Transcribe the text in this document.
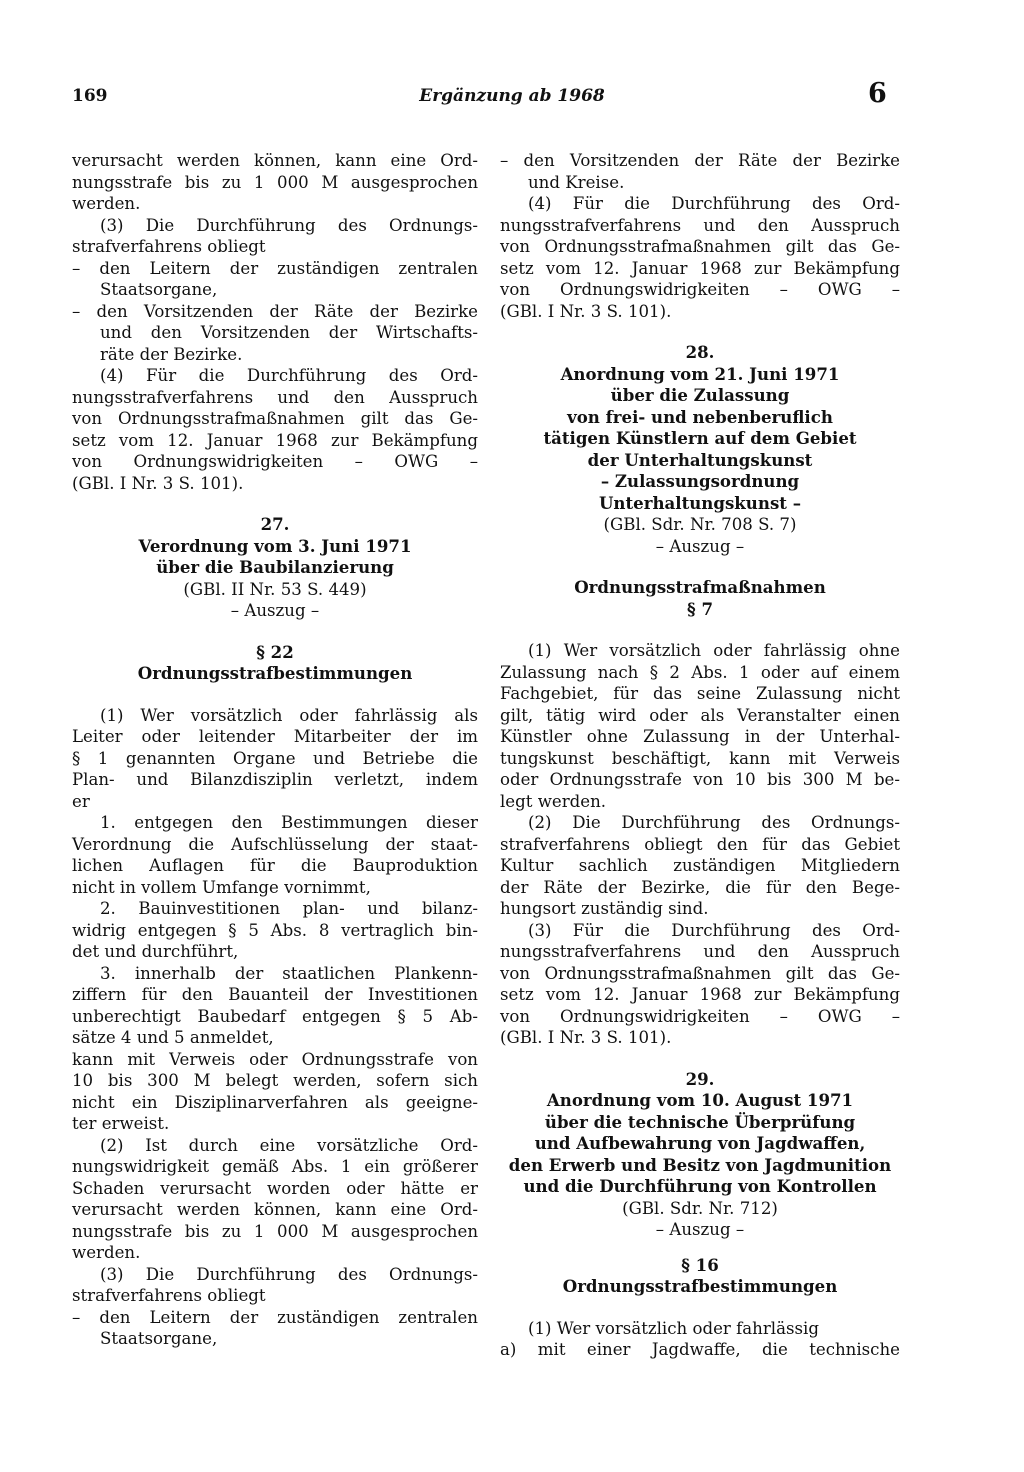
169	Ergänzung ab 1968	6
verursacht werden können, kann eine Ord-
nungsstrafe bis zu 1 000 M ausgesprochen
werden.
(3) Die Durchführung des Ordnungs-
strafverfahrens obliegt
– den Leitern der zuständigen zentralen
Staatsorgane,
– den Vorsitzenden der Räte der Bezirke
und den Vorsitzenden der Wirtschafts-
räte der Bezirke.
(4) Für die Durchführung des Ord-
nungsstrafverfahrens und den Ausspruch
von Ordnungsstrafmaßnahmen gilt das Ge-
setz vom 12. Januar 1968 zur Bekämpfung
von Ordnungswidrigkeiten – OWG –
(GBl. I Nr. 3 S. 101).
27.
Verordnung vom 3. Juni 1971
über die Baubilanzierung
(GBl. II Nr. 53 S. 449)
– Auszug –
§ 22
Ordnungsstrafbestimmungen
(1) Wer vorsätzlich oder fahrlässig als
Leiter oder leitender Mitarbeiter der im
§ 1 genannten Organe und Betriebe die
Plan- und Bilanzdisziplin verletzt, indem
er
1. entgegen den Bestimmungen dieser
Verordnung die Aufschlüsselung der staat-
lichen Auflagen für die Bauproduktion
nicht in vollem Umfange vornimmt,
2. Bauinvestitionen plan- und bilanz-
widrig entgegen § 5 Abs. 8 vertraglich bin-
det und durchführt,
3. innerhalb der staatlichen Plankenn-
ziffern für den Bauanteil der Investitionen
unberechtigt Baubedarf entgegen § 5 Ab-
sätze 4 und 5 anmeldet,
kann mit Verweis oder Ordnungsstrafe von
10 bis 300 M belegt werden, sofern sich
nicht ein Disziplinarverfahren als geeigne-
ter erweist.
(2) Ist durch eine vorsätzliche Ord-
nungswidrigkeit gemäß Abs. 1 ein größerer
Schaden verursacht worden oder hätte er
verursacht werden können, kann eine Ord-
nungsstrafe bis zu 1 000 M ausgesprochen
werden.
(3) Die Durchführung des Ordnungs-
strafverfahrens obliegt
– den Leitern der zuständigen zentralen
Staatsorgane,
– den Vorsitzenden der Räte der Bezirke
und Kreise.
(4) Für die Durchführung des Ord-
nungsstrafverfahrens und den Ausspruch
von Ordnungsstrafmaßnahmen gilt das Ge-
setz vom 12. Januar 1968 zur Bekämpfung
von Ordnungswidrigkeiten – OWG –
(GBl. I Nr. 3 S. 101).
28.
Anordnung vom 21. Juni 1971
über die Zulassung
von frei- und nebenberuflich
tätigen Künstlern auf dem Gebiet
der Unterhaltungskunst
– Zulassungsordnung
Unterhaltungskunst –
(GBl. Sdr. Nr. 708 S. 7)
– Auszug –
Ordnungsstrafmaßnahmen
§ 7
(1) Wer vorsätzlich oder fahrlässig ohne
Zulassung nach § 2 Abs. 1 oder auf einem
Fachgebiet, für das seine Zulassung nicht
gilt, tätig wird oder als Veranstalter einen
Künstler ohne Zulassung in der Unterhal-
tungskunst beschäftigt, kann mit Verweis
oder Ordnungsstrafe von 10 bis 300 M be-
legt werden.
(2) Die Durchführung des Ordnungs-
strafverfahrens obliegt den für das Gebiet
Kultur sachlich zuständigen Mitgliedern
der Räte der Bezirke, die für den Bege-
hungsort zuständig sind.
(3) Für die Durchführung des Ord-
nungsstrafverfahrens und den Ausspruch
von Ordnungsstrafmaßnahmen gilt das Ge-
setz vom 12. Januar 1968 zur Bekämpfung
von Ordnungswidrigkeiten – OWG –
(GBl. I Nr. 3 S. 101).
29.
Anordnung vom 10. August 1971
über die technische Überprüfung
und Aufbewahrung von Jagdwaffen,
den Erwerb und Besitz von Jagdmunition
und die Durchführung von Kontrollen
(GBl. Sdr. Nr. 712)
– Auszug –
§ 16
Ordnungsstrafbestimmungen
(1) Wer vorsätzlich oder fahrlässig
a) mit einer Jagdwaffe, die technische
